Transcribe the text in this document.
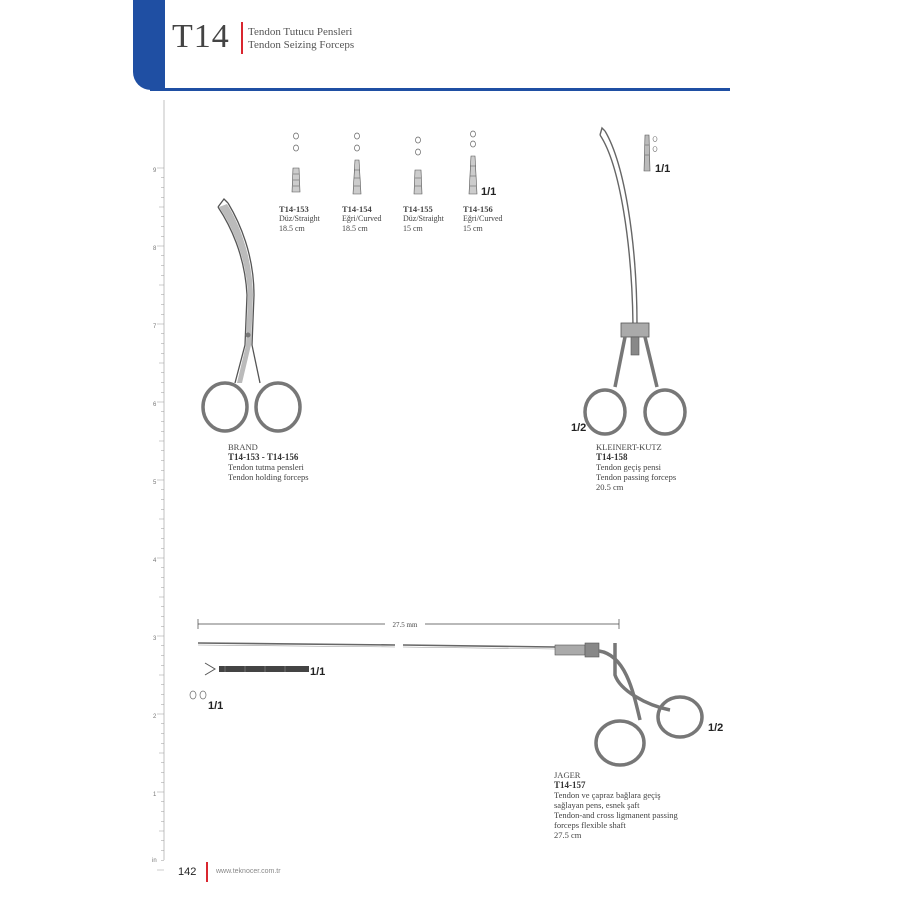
T14 Tendon Tutucu Pensleri
Tendon Seizing Forceps
9
8
7
6
5
4
3
2
1
in
1/1
T14-153
Düz/Straight
18.5 cm
T14-154
Eğri/Curved
18.5 cm
T14-155
Düz/Straight
15 cm
T14-156
Eğri/Curved
15 cm
BRAND
T14-153 - T14-156
Tendon tutma pensleri
Tendon holding forceps
1/1
1/2
KLEINERT-KUTZ
T14-158
Tendon geçiş pensi
Tendon passing forceps
20.5 cm
27.5 mm
1/1
1/1
1/2
JAGER
T14-157
Tendon ve çapraz bağlara geçiş
sağlayan pens, esnek şaft
Tendon-and cross ligmanent passing
forceps flexible shaft
27.5 cm
142	www.teknocer.com.tr
